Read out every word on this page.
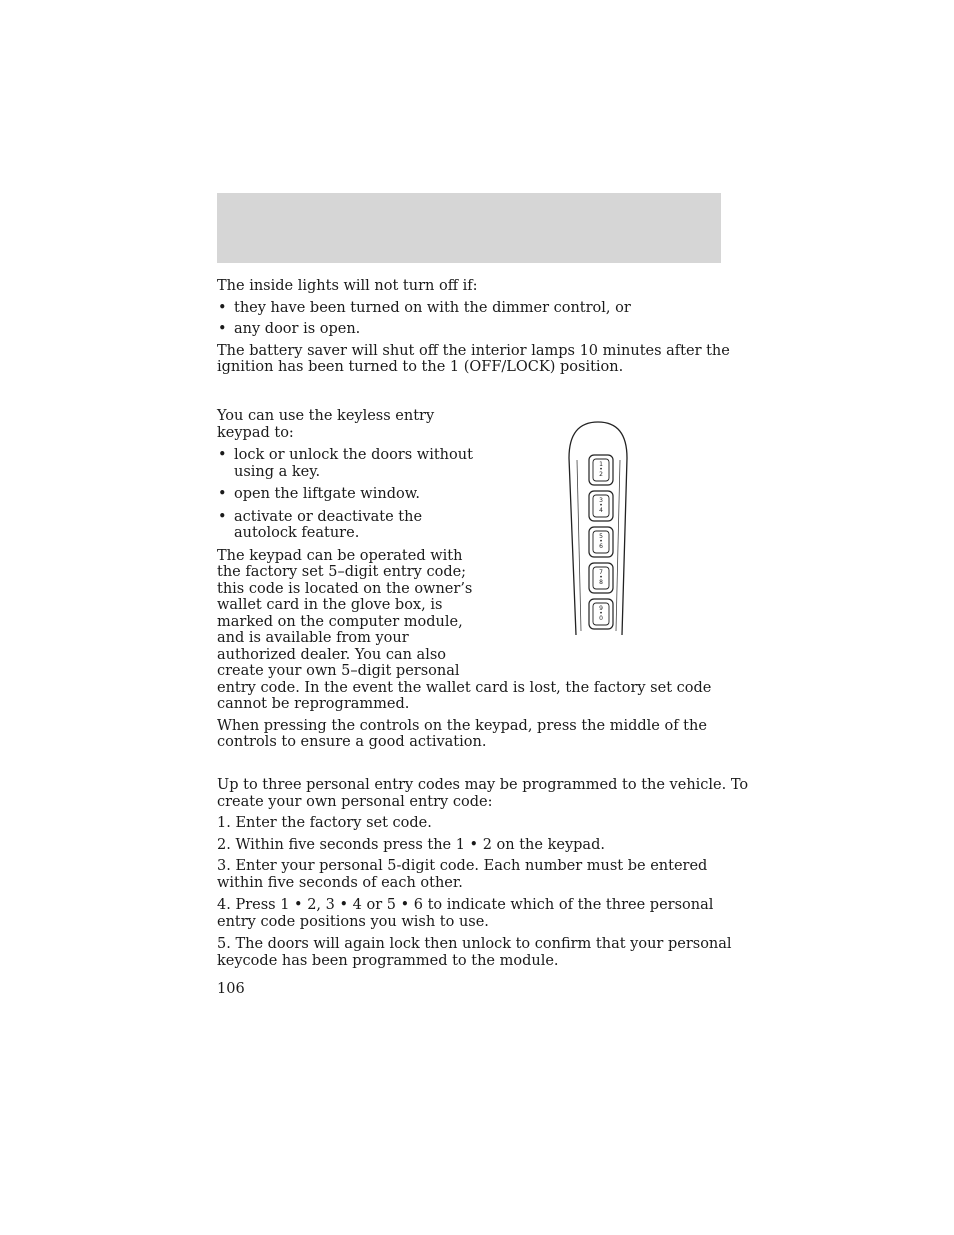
The inside lights will not turn off if:

• they have been turned on with the dimmer control, or

• any door is open.

The battery saver will shut off the interior lamps 10 minutes after the

ignition has been turned to the 1 (OFF/LOCK) position.

You can use the keyless entry

keypad to:

• lock or unlock the doors without
using a key.
• open the liftgate window.
• activate or deactivate the
autolock feature.
The keypad can be operated with
the factory set 5–digit entry code;
this code is located on the owner’s
wallet card in the glove box, is
marked on the computer module,
and is available from your
authorized dealer. You can also
create your own 5–digit personal
entry code. In the event the wallet card is lost, the factory set code
cannot be reprogrammed.
When pressing the controls on the keypad, press the middle of the
controls to ensure a good activation.
1 • 2
3 • 4
5 • 6
7 • 8
9 • 0

Up to three personal entry codes may be programmed to the vehicle. To

create your own personal entry code:

1. Enter the factory set code.
2. Within five seconds press the 1 • 2 on the keypad.
3. Enter your personal 5-digit code. Each number must be entered
within five seconds of each other.
4. Press 1 • 2, 3 • 4 or 5 • 6 to indicate which of the three personal
entry code positions you wish to use.
5. The doors will again lock then unlock to confirm that your personal
keycode has been programmed to the module.
106
